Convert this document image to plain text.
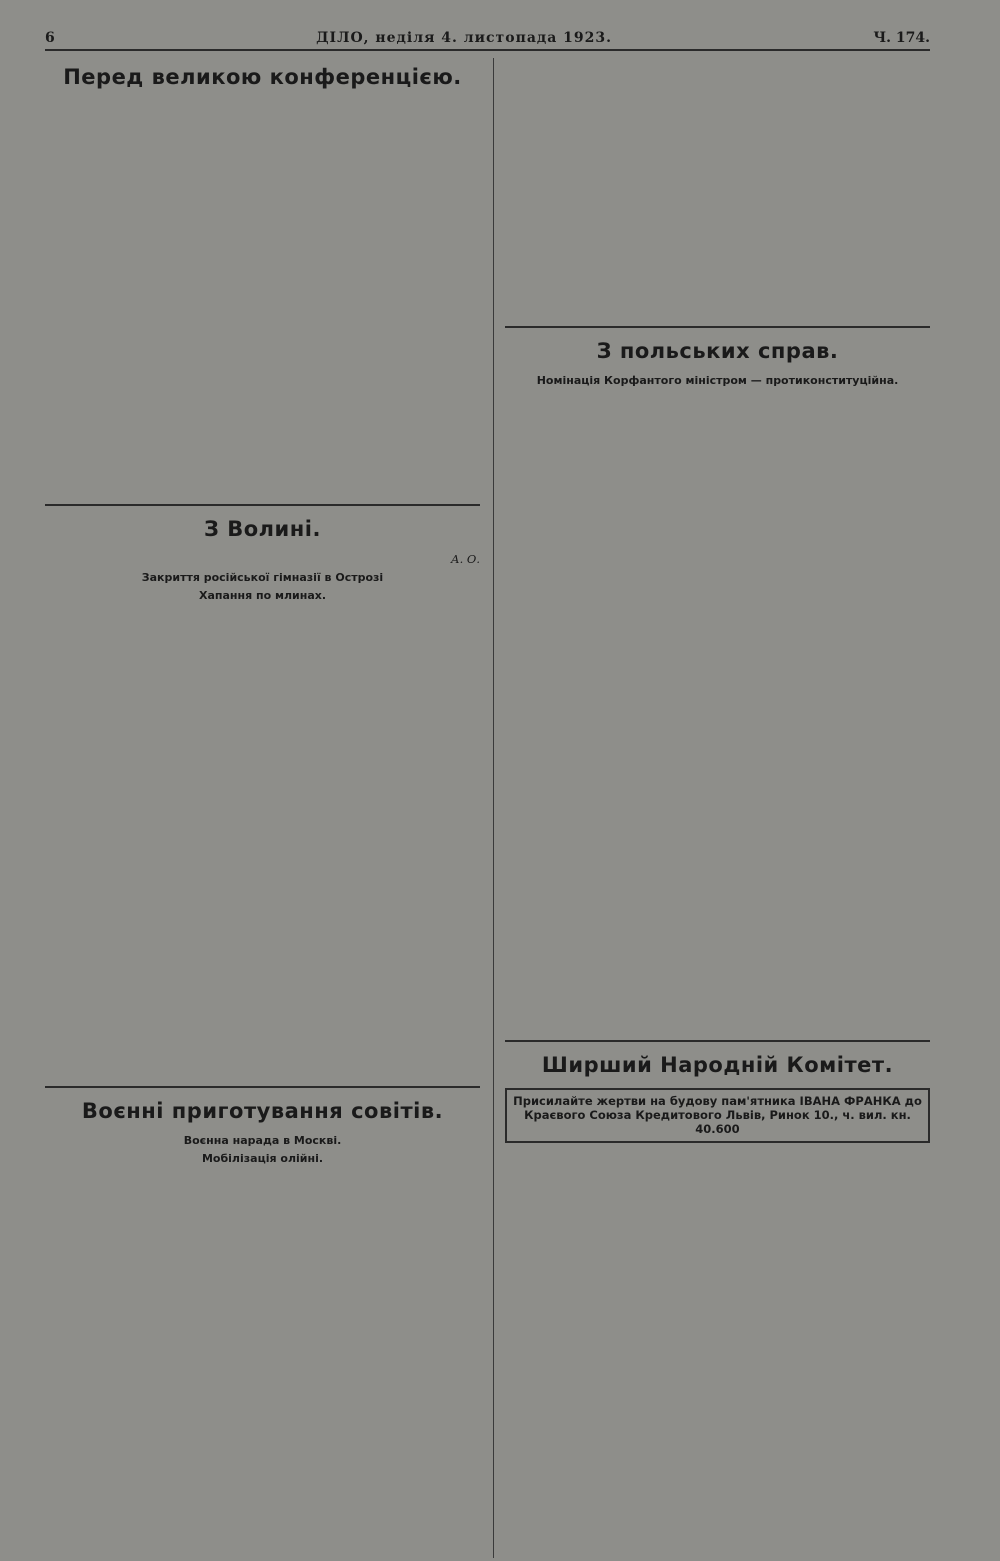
6	ДІЛО, неділя 4. листопада 1923.	Ч. 174.
Перед великою конференцією.
З Волині.

А. О.

Закриття російської гімназії в Острозі
Хапання по млинах.
Воєнні приготування совітів.
Воєнна нарада в Москві.
Мобілізація олійні.
З польських справ.
Номінація Корфантого міністром — протиконституційна.
Ширший Народній Комітет.
Присилайте жертви на будову пам'ятника ІВАНА ФРАНКА до Краєвого Союза Кредитового Львів, Ринок 10., ч. вил. кн. 40.600
